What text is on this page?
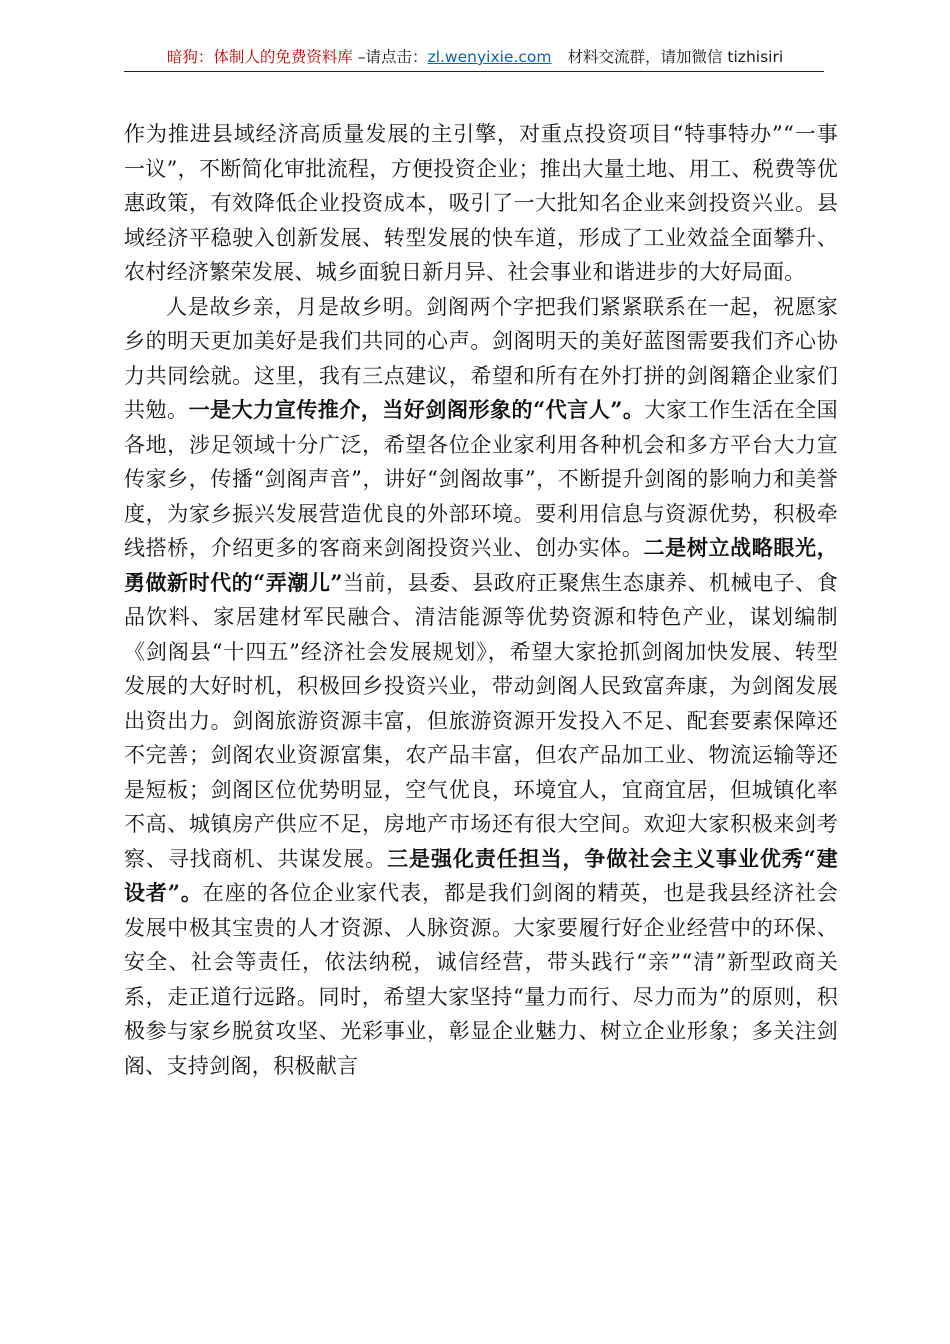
暗狗：体制人的免费资料库 –请点击：zl.wenyixie.com 材料交流群，请加微信 tizhisiri

作为推进县域经济高质量发展的主引擎，对重点投资项目“特事特办”“一事一议”，不断简化审批流程，方便投资企业；推出大量土地、用工、税费等优惠政策，有效降低企业投资成本，吸引了一大批知名企业来剑投资兴业。县域经济平稳驶入创新发展、转型发展的快车道，形成了工业效益全面攀升、农村经济繁荣发展、城乡面貌日新月异、社会事业和谐进步的大好局面。

人是故乡亲，月是故乡明。剑阁两个字把我们紧紧联系在一起，祝愿家乡的明天更加美好是我们共同的心声。剑阁明天的美好蓝图需要我们齐心协力共同绘就。这里，我有三点建议，希望和所有在外打拼的剑阁籍企业家们共勉。一是大力宣传推介，当好剑阁形象的“代言人”。大家工作生活在全国各地，涉足领域十分广泛，希望各位企业家利用各种机会和多方平台大力宣传家乡，传播“剑阁声音”，讲好“剑阁故事”，不断提升剑阁的影响力和美誉度，为家乡振兴发展营造优良的外部环境。要利用信息与资源优势，积极牵线搭桥，介绍更多的客商来剑阁投资兴业、创办实体。二是树立战略眼光，勇做新时代的“弄潮儿”当前，县委、县政府正聚焦生态康养、机械电子、食品饮料、家居建材军民融合、清洁能源等优势资源和特色产业，谋划编制《剑阁县“十四五”经济社会发展规划》，希望大家抢抓剑阁加快发展、转型发展的大好时机，积极回乡投资兴业，带动剑阁人民致富奔康，为剑阁发展出资出力。剑阁旅游资源丰富，但旅游资源开发投入不足、配套要素保障还不完善；剑阁农业资源富集，农产品丰富，但农产品加工业、物流运输等还是短板；剑阁区位优势明显，空气优良，环境宜人，宜商宜居，但城镇化率不高、城镇房产供应不足，房地产市场还有很大空间。欢迎大家积极来剑考察、寻找商机、共谋发展。三是强化责任担当，争做社会主义事业优秀“建设者”。在座的各位企业家代表，都是我们剑阁的精英，也是我县经济社会发展中极其宝贵的人才资源、人脉资源。大家要履行好企业经营中的环保、安全、社会等责任，依法纳税，诚信经营，带头践行“亲”“清”新型政商关系，走正道行远路。同时，希望大家坚持“量力而行、尽力而为”的原则，积极参与家乡脱贫攻坚、光彩事业，彰显企业魅力、树立企业形象；多关注剑阁、支持剑阁，积极献言
